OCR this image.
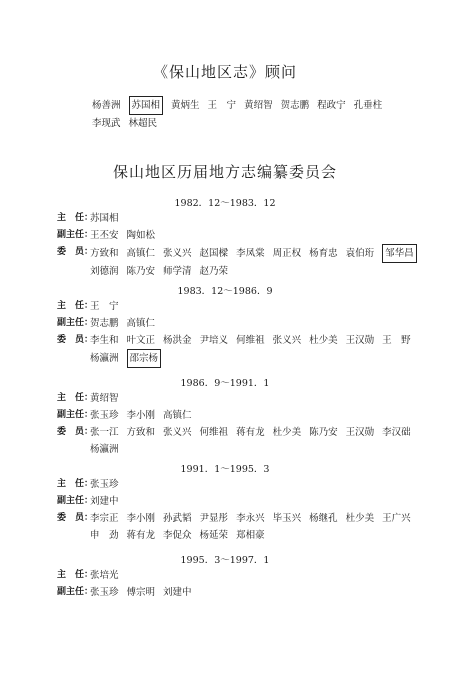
《保山地区志》顾问
杨善洲 苏国相 黄炳生 王　宁 黄绍智 贺志鹏 程政宁 孔垂柱李现武 林超民
保山地区历届地方志编纂委员会
1982．12～1983．12
主　任：
苏国相
副主任：
王丕安 陶如松
委　员：
方致和 高镇仁 张义兴 赵国樑 李凤棠 周正权 杨育忠 袁伯珩 邹华昌刘德润 陈乃安 师学清 赵乃荣
1983．12～1986．9
主　任：
王　宁
副主任：
贺志鹏 高镇仁
委　员：
李生和 叶文正 杨洪金 尹培义 何维祖 张义兴 杜少美 王汉勋 王　野杨瀛洲 邵宗杨
1986．9～1991．1
主　任：
黄绍智
副主任：
张玉珍 李小刚 高镇仁
委　员：
张一江 方致和 张义兴 何维祖 蒋有龙 杜少美 陈乃安 王汉勋 李汉础杨瀛洲
1991．1～1995．3
主　任：
张玉珍
副主任：
刘建中
委　员：
李宗正 李小刚 孙武韬 尹显彤 李永兴 毕玉兴 杨继孔 杜少美 王广兴申　劲 蒋有龙 李促众 杨延荣 郑相豪
1995．3～1997．1
主　任：
张培光
副主任：
张玉珍 傅宗明 刘建中
